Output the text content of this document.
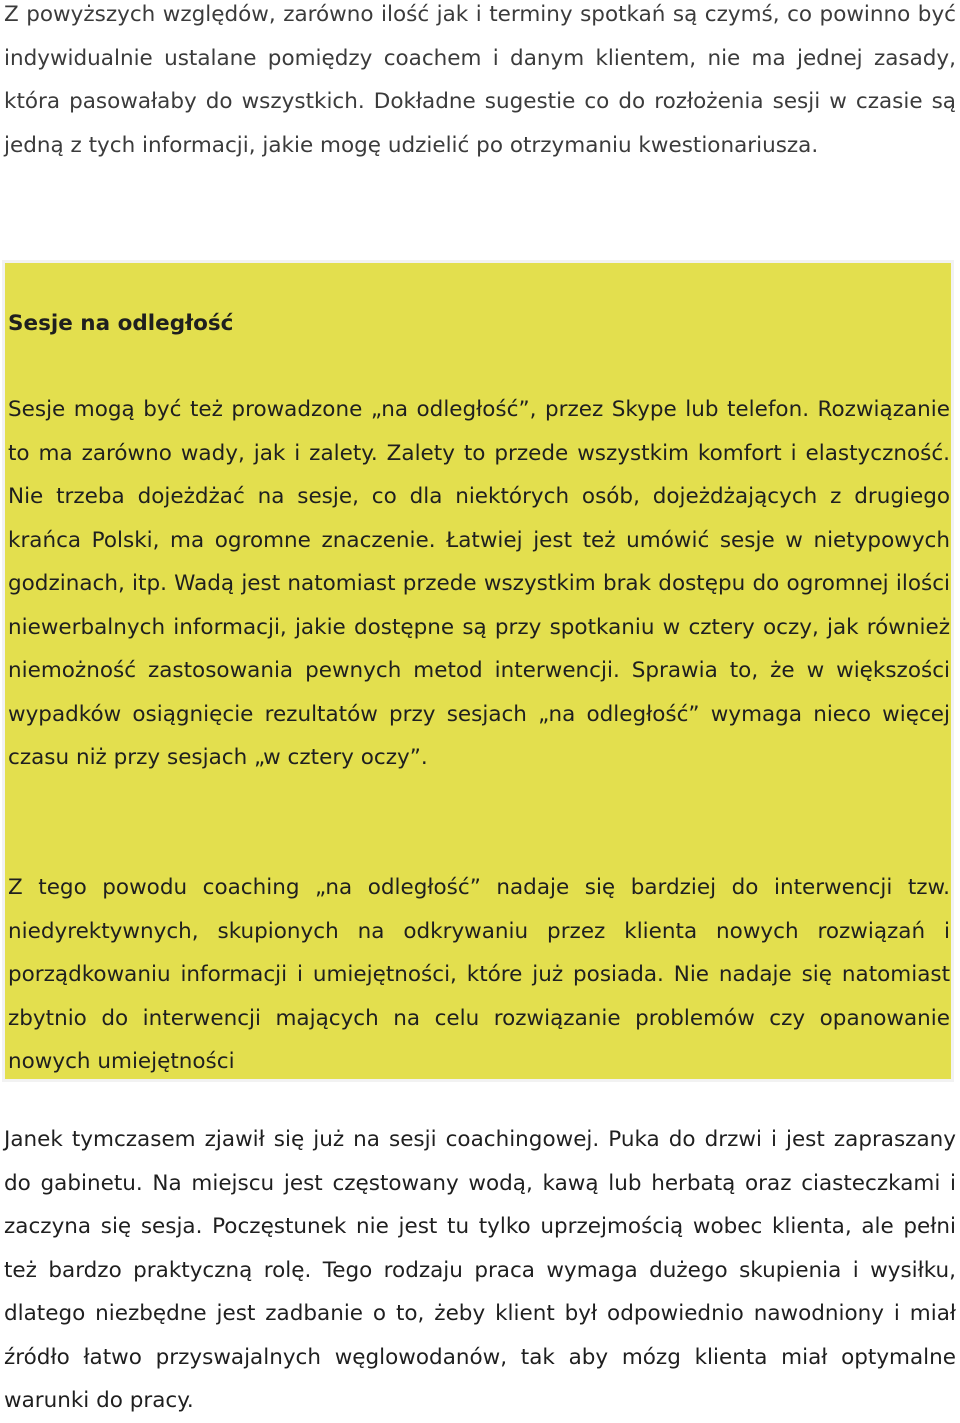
Z powyższych względów, zarówno ilość jak i terminy spotkań są czymś, co powinno być indywidualnie ustalane pomiędzy coachem i danym klientem, nie ma jednej zasady, która pasowałaby do wszystkich. Dokładne sugestie co do rozłożenia sesji w czasie są jedną z tych informacji, jakie mogę udzielić po otrzymaniu kwestionariusza.

Sesje na odległość

Sesje mogą być też prowadzone „na odległość”, przez Skype lub telefon. Rozwiązanie to ma zarówno wady, jak i zalety. Zalety to przede wszystkim komfort i elastyczność. Nie trzeba dojeżdżać na sesje, co dla niektórych osób, dojeżdżających z drugiego krańca Polski, ma ogromne znaczenie. Łatwiej jest też umówić sesje w nietypowych godzinach, itp. Wadą jest natomiast przede wszystkim brak dostępu do ogromnej ilości niewerbalnych informacji, jakie dostępne są przy spotkaniu w cztery oczy, jak również niemożność zastosowania pewnych metod interwencji. Sprawia to, że w większości wypadków osiągnięcie rezultatów przy sesjach „na odległość” wymaga nieco więcej czasu niż przy sesjach „w cztery oczy”.

Z tego powodu coaching „na odległość” nadaje się bardziej do interwencji tzw. niedyrektywnych, skupionych na odkrywaniu przez klienta nowych rozwiązań i porządkowaniu informacji i umiejętności, które już posiada. Nie nadaje się natomiast zbytnio do interwencji mających na celu rozwiązanie problemów czy opanowanie nowych umiejętności

Janek tymczasem zjawił się już na sesji coachingowej. Puka do drzwi i jest zapraszany do gabinetu. Na miejscu jest częstowany wodą, kawą lub herbatą oraz ciasteczkami i zaczyna się sesja. Poczęstunek nie jest tu tylko uprzejmością wobec klienta, ale pełni też bardzo praktyczną rolę. Tego rodzaju praca wymaga dużego skupienia i wysiłku, dlatego niezbędne jest zadbanie o to, żeby klient był odpowiednio nawodniony i miał źródło łatwo przyswajalnych węglowodanów, tak aby mózg klienta miał optymalne warunki do pracy.
